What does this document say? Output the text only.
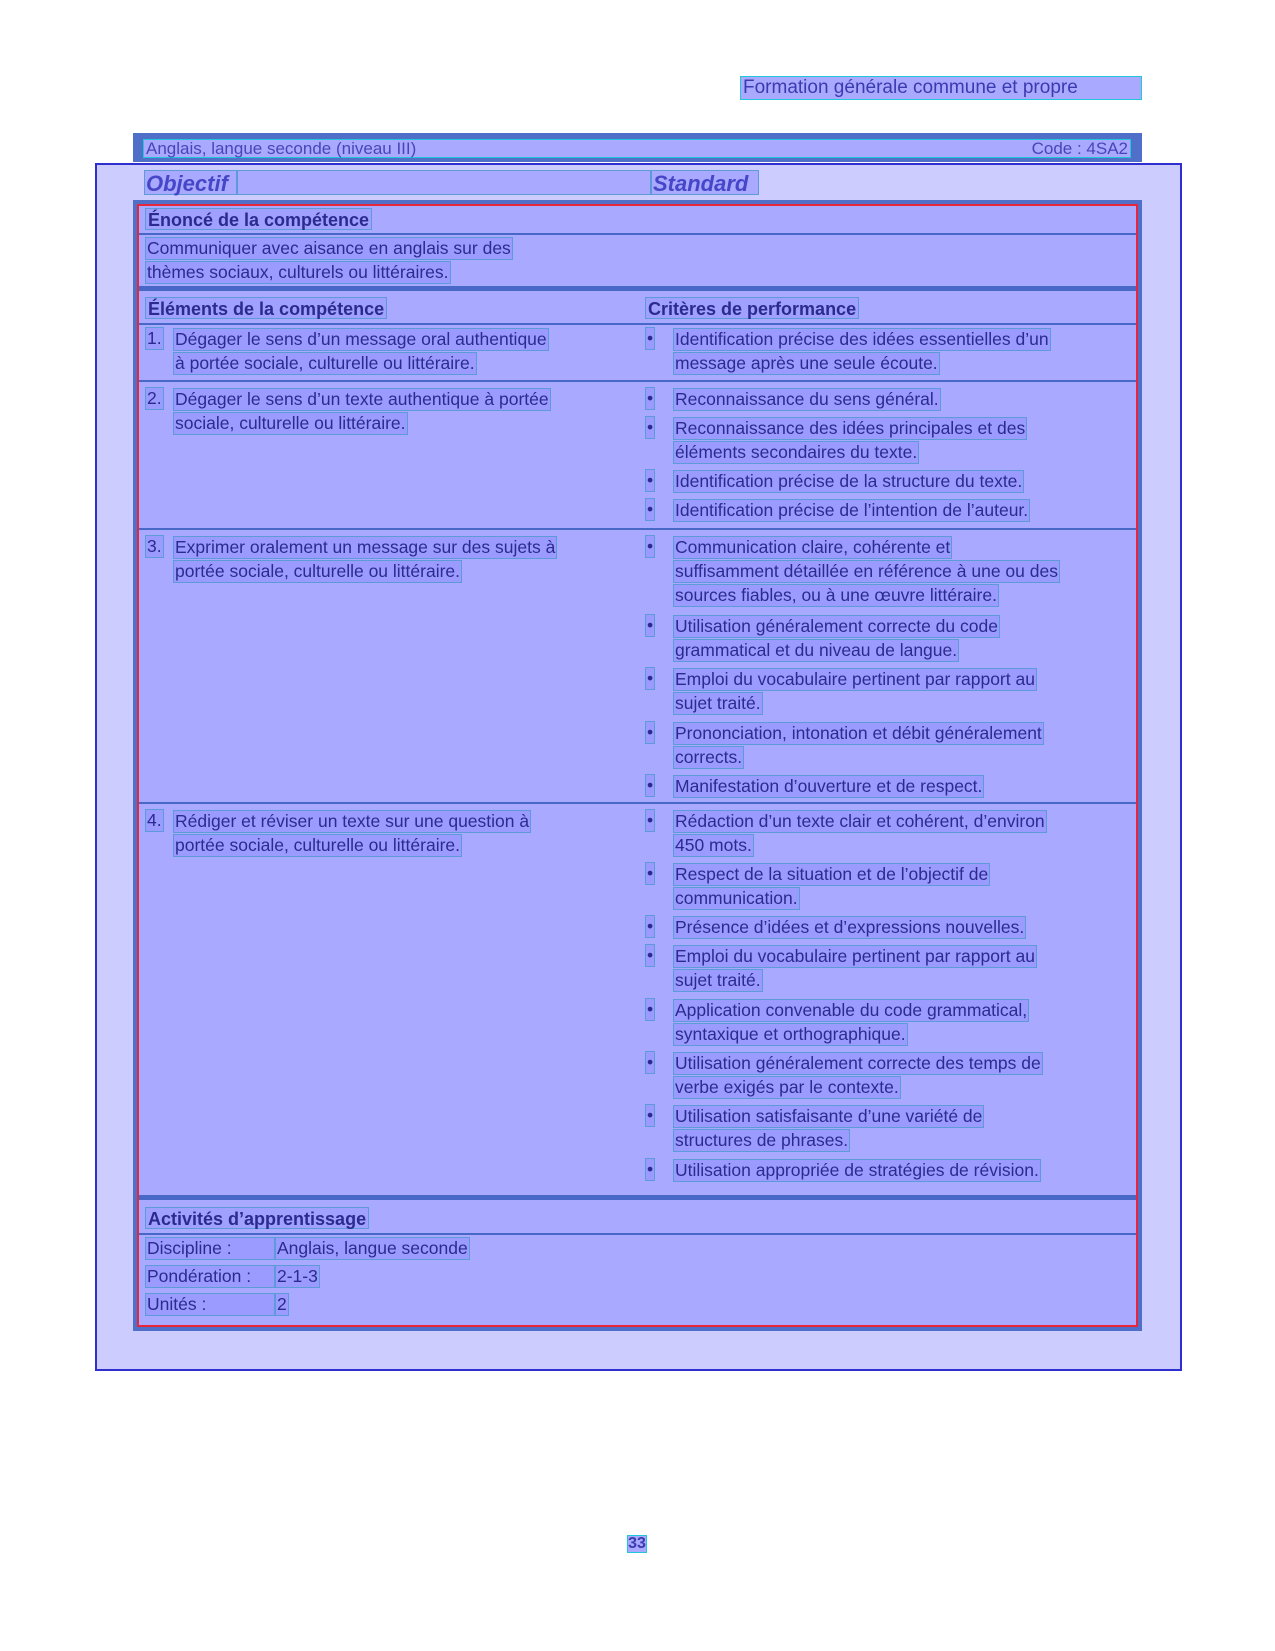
Formation générale commune et propre
Anglais, langue seconde (niveau III)	Code : 4SA2
Objectif	Standard
Énoncé de la compétence
Communiquer avec aisance en anglais sur des
thèmes sociaux, culturels ou littéraires.
Éléments de la compétence	Critères de performance
1. Dégager le sens d’un message oral authentique
à portée sociale, culturelle ou littéraire.
• Identification précise des idées essentielles d’un
message après une seule écoute.
2. Dégager le sens d’un texte authentique à portée
sociale, culturelle ou littéraire.
• Reconnaissance du sens général.
• Reconnaissance des idées principales et des
éléments secondaires du texte.
• Identification précise de la structure du texte.
• Identification précise de l’intention de l’auteur.
3. Exprimer oralement un message sur des sujets à
portée sociale, culturelle ou littéraire.
• Communication claire, cohérente et
suffisamment détaillée en référence à une ou des
sources fiables, ou à une œuvre littéraire.
• Utilisation généralement correcte du code
grammatical et du niveau de langue.
• Emploi du vocabulaire pertinent par rapport au
sujet traité.
• Prononciation, intonation et débit généralement
corrects.
• Manifestation d’ouverture et de respect.
4. Rédiger et réviser un texte sur une question à
portée sociale, culturelle ou littéraire.
• Rédaction d’un texte clair et cohérent, d’environ
450 mots.
• Respect de la situation et de l’objectif de
communication.
• Présence d’idées et d’expressions nouvelles.
• Emploi du vocabulaire pertinent par rapport au
sujet traité.
• Application convenable du code grammatical,
syntaxique et orthographique.
• Utilisation généralement correcte des temps de
verbe exigés par le contexte.
• Utilisation satisfaisante d’une variété de
structures de phrases.
• Utilisation appropriée de stratégies de révision.
Activités d’apprentissage
Discipline :	Anglais, langue seconde
Pondération : 2-1-3
Unités :	2
33
